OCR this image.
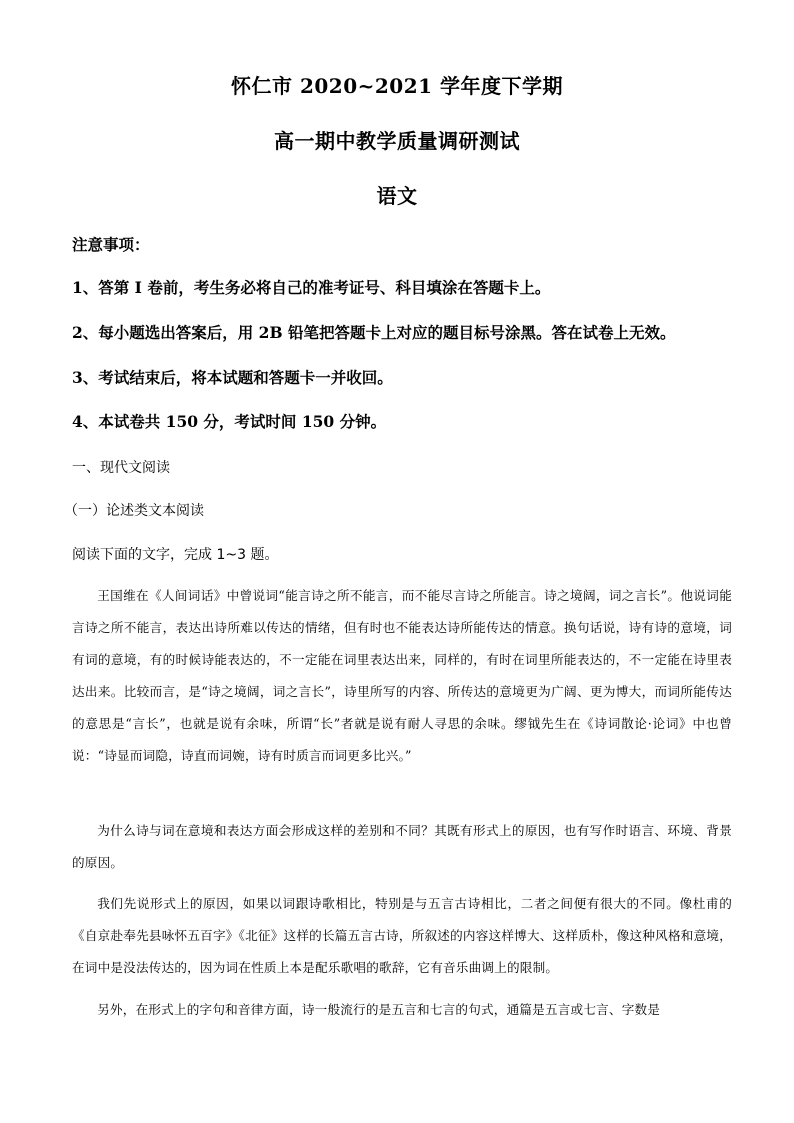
怀仁市 2020~2021 学年度下学期
高一期中教学质量调研测试
语文
注意事项：
1、答第 I 卷前，考生务必将自己的准考证号、科目填涂在答题卡上。
2、每小题选出答案后，用 2B 铅笔把答题卡上对应的题目标号涂黑。答在试卷上无效。
3、考试结束后，将本试题和答题卡一并收回。
4、本试卷共 150 分，考试时间 150 分钟。
一、现代文阅读
（一）论述类文本阅读
阅读下面的文字，完成 1~3 题。
王国维在《人间词话》中曾说词“能言诗之所不能言，而不能尽言诗之所能言。诗之境阔，词之言长”。他说词能言诗之所不能言，表达出诗所难以传达的情绪，但有时也不能表达诗所能传达的情意。换句话说，诗有诗的意境，词有词的意境，有的时候诗能表达的，不一定能在词里表达出来，同样的，有时在词里所能表达的，不一定能在诗里表达出来。比较而言，是“诗之境阔，词之言长”，诗里所写的内容、所传达的意境更为广阔、更为博大，而词所能传达的意思是“言长”，也就是说有余味，所谓“长”者就是说有耐人寻思的余味。缪钺先生在《诗词散论·论词》中也曾说：“诗显而词隐，诗直而词婉，诗有时质言而词更多比兴。”
为什么诗与词在意境和表达方面会形成这样的差别和不同？其既有形式上的原因，也有写作时语言、环境、背景的原因。
我们先说形式上的原因，如果以词跟诗歌相比，特别是与五言古诗相比，二者之间便有很大的不同。像杜甫的《自京赴奉先县咏怀五百字》《北征》这样的长篇五言古诗，所叙述的内容这样博大、这样质朴，像这种风格和意境，在词中是没法传达的，因为词在性质上本是配乐歌唱的歌辞，它有音乐曲调上的限制。
另外，在形式上的字句和音律方面，诗一般流行的是五言和七言的句式，通篇是五言或七言、字数是
